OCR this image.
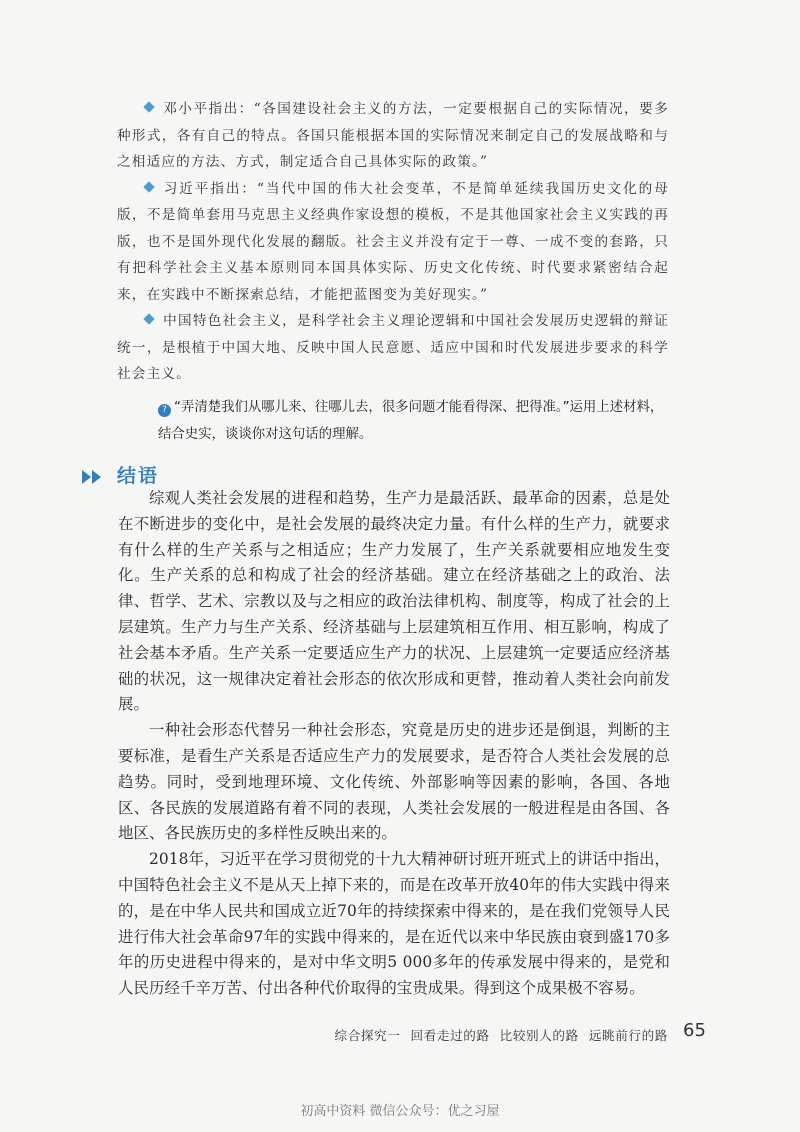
邓小平指出：“各国建设社会主义的方法，一定要根据自己的实际情况，要多种形式，各有自己的特点。各国只能根据本国的实际情况来制定自己的发展战略和与之相适应的方法、方式，制定适合自己具体实际的政策。”

习近平指出：“当代中国的伟大社会变革，不是简单延续我国历史文化的母版，不是简单套用马克思主义经典作家设想的模板，不是其他国家社会主义实践的再版，也不是国外现代化发展的翻版。社会主义并没有定于一尊、一成不变的套路，只有把科学社会主义基本原则同本国具体实际、历史文化传统、时代要求紧密结合起来，在实践中不断探索总结，才能把蓝图变为美好现实。”

中国特色社会主义，是科学社会主义理论逻辑和中国社会发展历史逻辑的辩证统一，是根植于中国大地、反映中国人民意愿、适应中国和时代发展进步要求的科学社会主义。

? “弄清楚我们从哪儿来、往哪儿去，很多问题才能看得深、把得准。”运用上述材料，结合史实，谈谈你对这句话的理解。

结语

综观人类社会发展的进程和趋势，生产力是最活跃、最革命的因素，总是处在不断进步的变化中，是社会发展的最终决定力量。有什么样的生产力，就要求有什么样的生产关系与之相适应；生产力发展了，生产关系就要相应地发生变化。生产关系的总和构成了社会的经济基础。建立在经济基础之上的政治、法律、哲学、艺术、宗教以及与之相应的政治法律机构、制度等，构成了社会的上层建筑。生产力与生产关系、经济基础与上层建筑相互作用、相互影响，构成了社会基本矛盾。生产关系一定要适应生产力的状况、上层建筑一定要适应经济基础的状况，这一规律决定着社会形态的依次形成和更替，推动着人类社会向前发展。

一种社会形态代替另一种社会形态，究竟是历史的进步还是倒退，判断的主要标准，是看生产关系是否适应生产力的发展要求，是否符合人类社会发展的总趋势。同时，受到地理环境、文化传统、外部影响等因素的影响，各国、各地区、各民族的发展道路有着不同的表现，人类社会发展的一般进程是由各国、各地区、各民族历史的多样性反映出来的。

2018年，习近平在学习贯彻党的十九大精神研讨班开班式上的讲话中指出，中国特色社会主义不是从天上掉下来的，而是在改革开放40年的伟大实践中得来的，是在中华人民共和国成立近70年的持续探索中得来的，是在我们党领导人民进行伟大社会革命97年的实践中得来的，是在近代以来中华民族由衰到盛170多年的历史进程中得来的，是对中华文明5 000多年的传承发展中得来的，是党和人民历经千辛万苦、付出各种代价取得的宝贵成果。得到这个成果极不容易。

综合探究一 回看走过的路 比较别人的路 远眺前行的路 65
初高中资料 微信公众号：优之习屋
